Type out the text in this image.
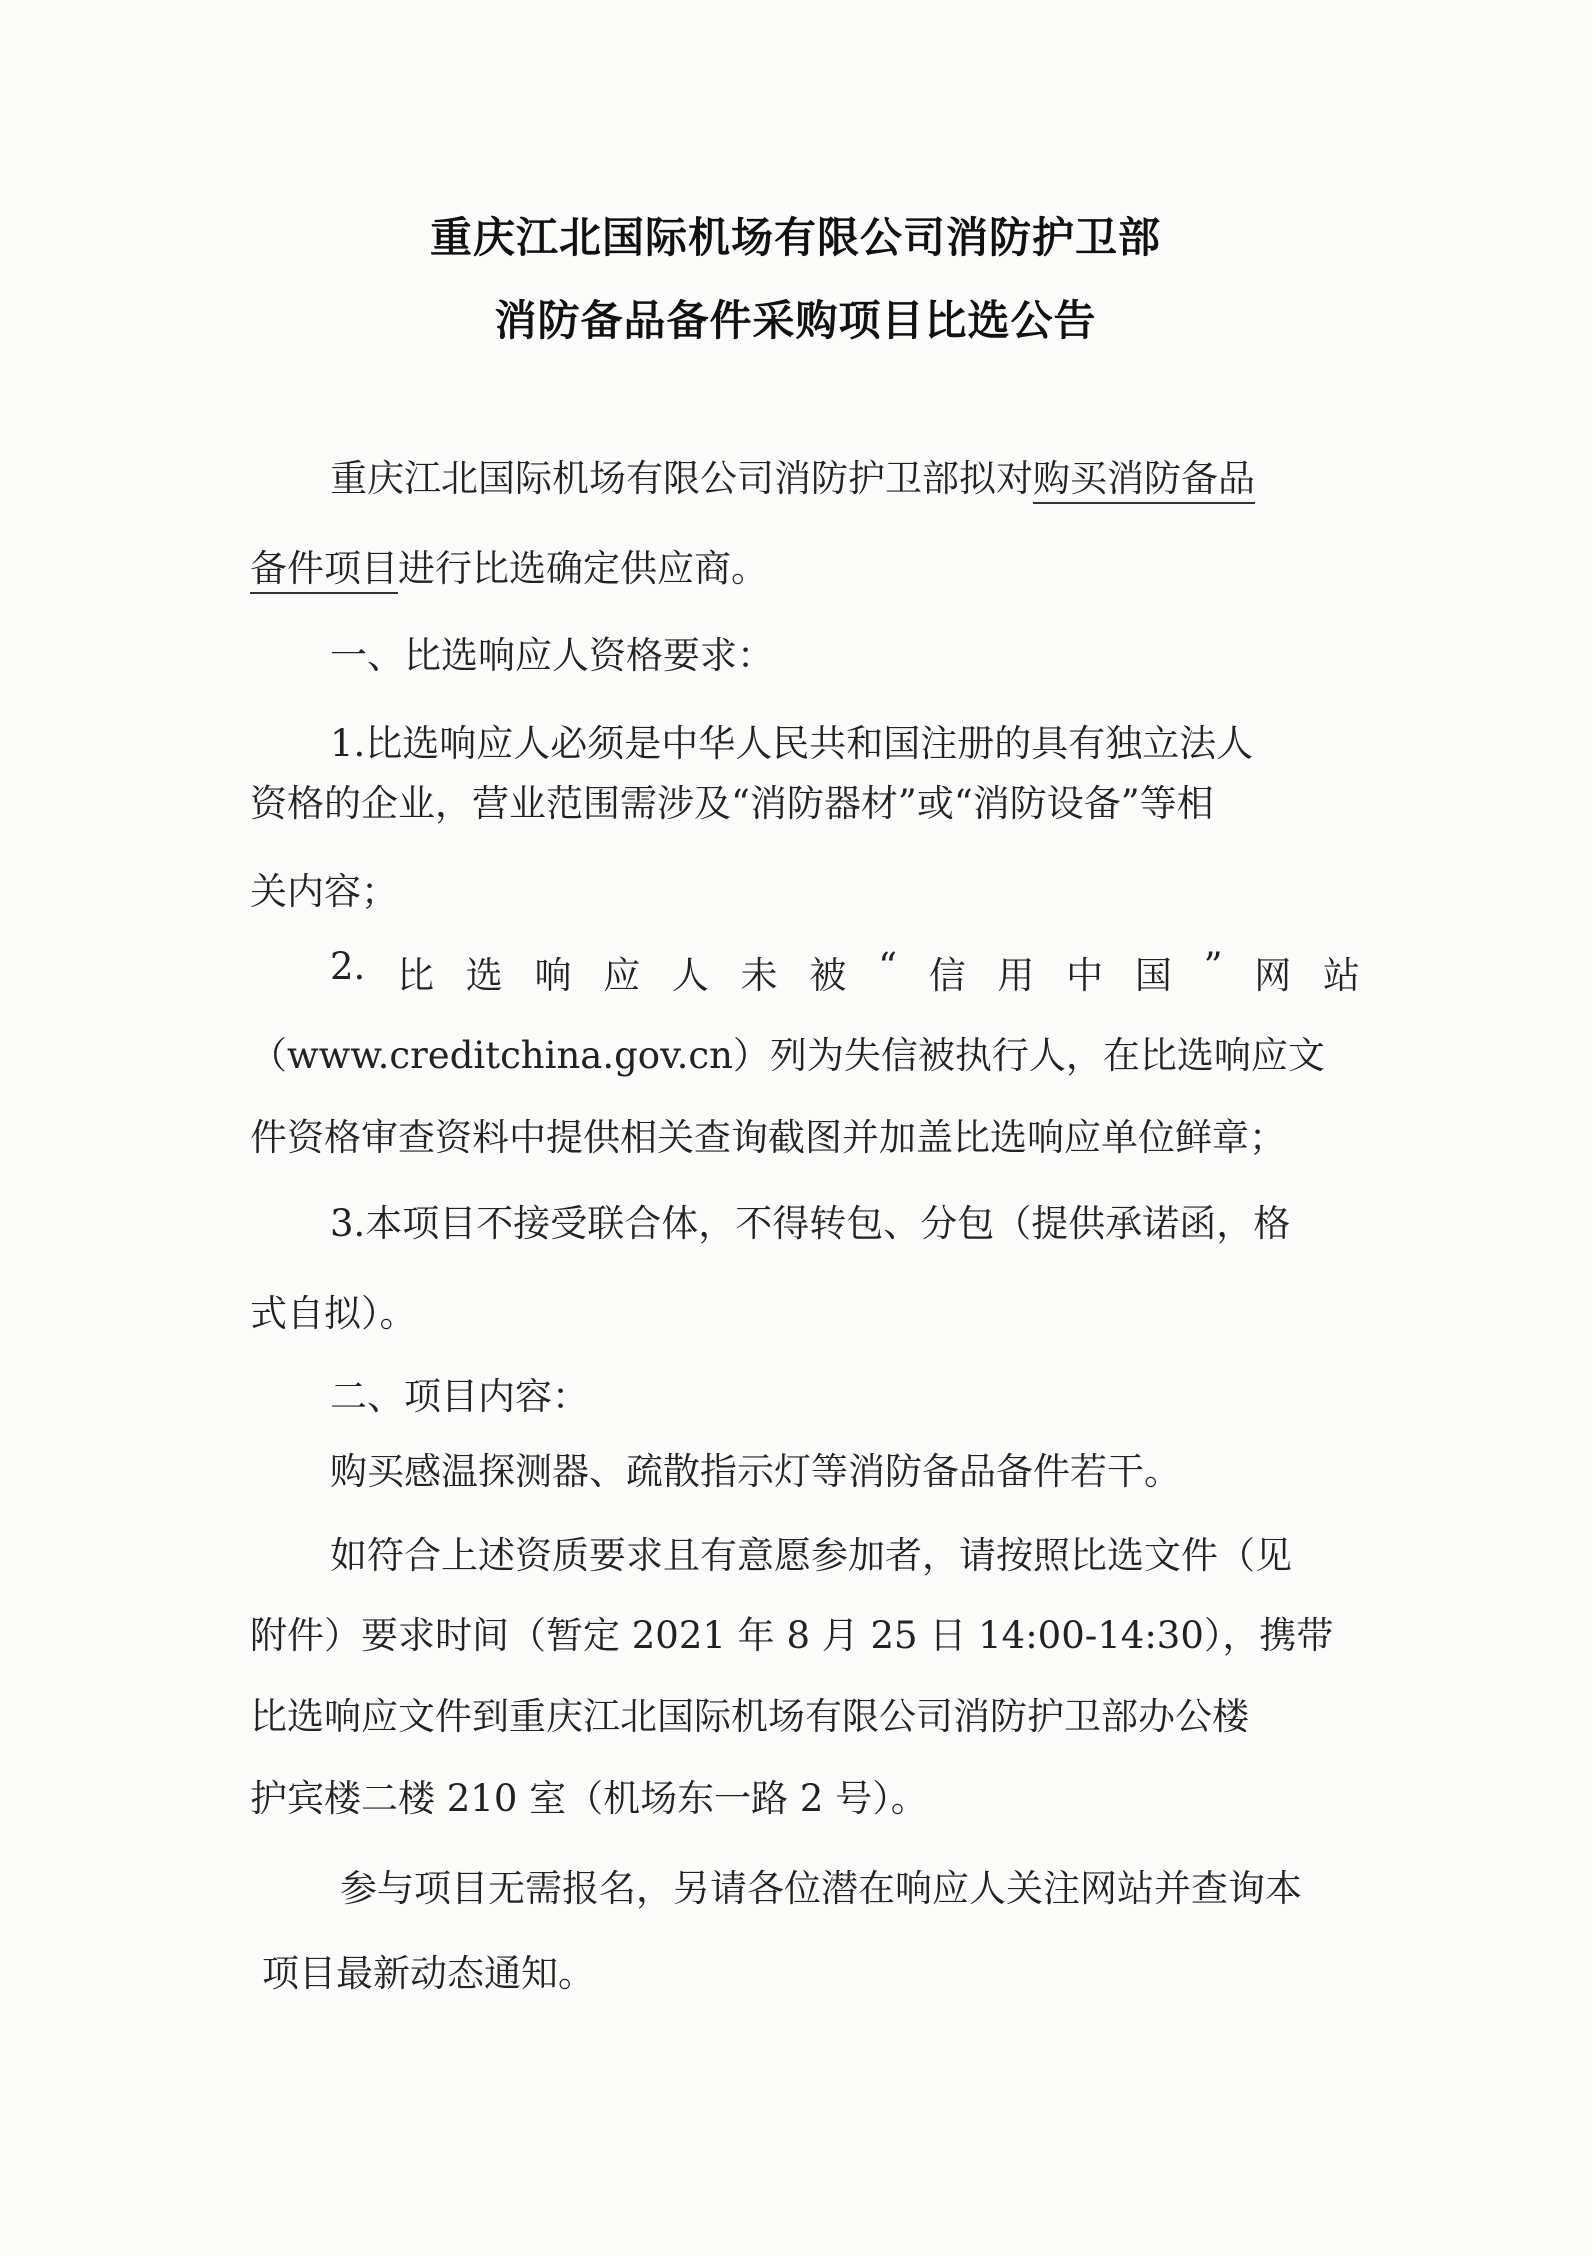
重庆江北国际机场有限公司消防护卫部
消防备品备件采购项目比选公告
重庆江北国际机场有限公司消防护卫部拟对购买消防备品
备件项目进行比选确定供应商。
一、比选响应人资格要求：
1.比选响应人必须是中华人民共和国注册的具有独立法人
资格的企业，营业范围需涉及“消防器材”或“消防设备”等相
关内容；
2. 比 选 响 应 人 未 被 “ 信 用 中 国 ” 网 站
（www.creditchina.gov.cn）列为失信被执行人，在比选响应文
件资格审查资料中提供相关查询截图并加盖比选响应单位鲜章；
3.本项目不接受联合体，不得转包、分包（提供承诺函，格
式自拟）。
二、项目内容：
购买感温探测器、疏散指示灯等消防备品备件若干。
如符合上述资质要求且有意愿参加者，请按照比选文件（见
附件）要求时间（暂定 2021 年 8 月 25 日 14:00-14:30），携带
比选响应文件到重庆江北国际机场有限公司消防护卫部办公楼
护宾楼二楼 210 室（机场东一路 2 号）。
参与项目无需报名，另请各位潜在响应人关注网站并查询本
项目最新动态通知。
